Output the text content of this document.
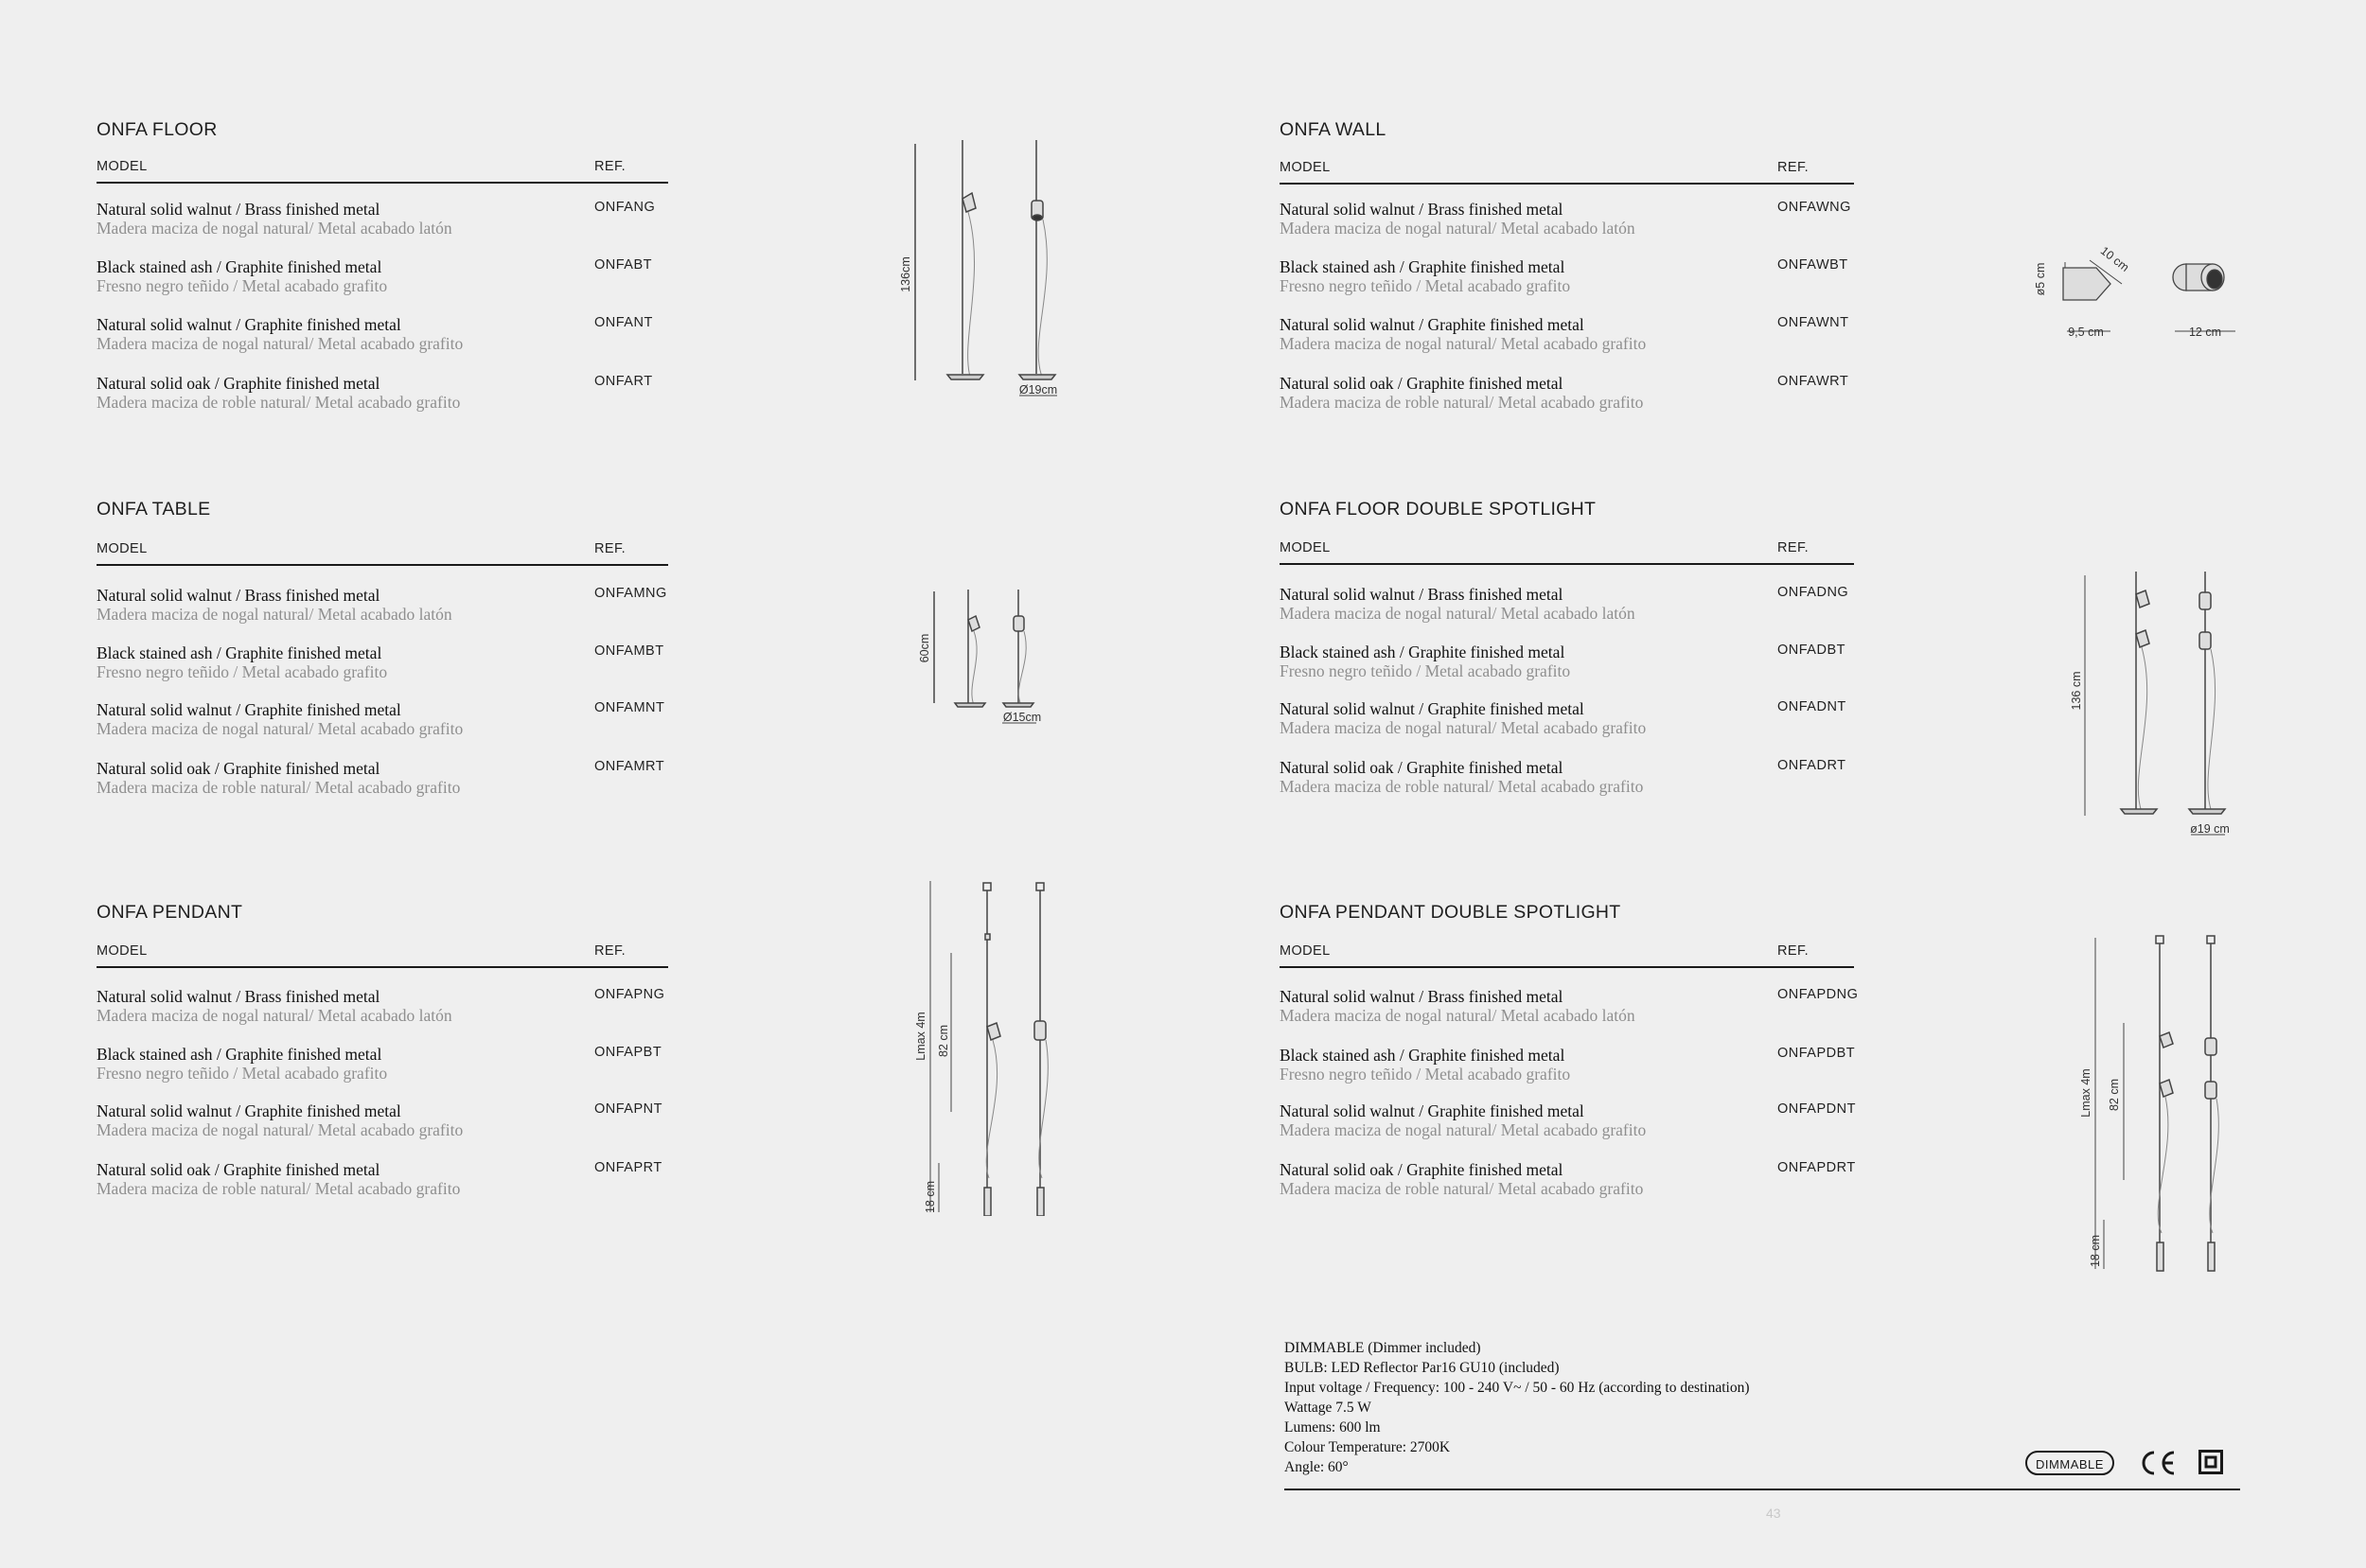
ONFA FLOOR
MODEL	REF.
Natural solid walnut / Brass finished metal
Madera maciza de nogal natural/ Metal acabado latón
ONFANG
Black stained ash / Graphite finished metal
Fresno negro teñido / Metal acabado grafito
ONFABT
Natural solid walnut / Graphite finished metal
Madera maciza de nogal natural/ Metal acabado grafito
ONFANT
Natural solid oak / Graphite finished metal
Madera maciza de roble natural/ Metal acabado grafito
ONFART
ONFA TABLE
MODEL	REF.
Natural solid walnut / Brass finished metal
Madera maciza de nogal natural/ Metal acabado latón
ONFAMNG
Black stained ash / Graphite finished metal
Fresno negro teñido / Metal acabado grafito
ONFAMBT
Natural solid walnut / Graphite finished metal
Madera maciza de nogal natural/ Metal acabado grafito
ONFAMNT
Natural solid oak / Graphite finished metal
Madera maciza de roble natural/ Metal acabado grafito
ONFAMRT
ONFA PENDANT
MODEL	REF.
Natural solid walnut / Brass finished metal
Madera maciza de nogal natural/ Metal acabado latón
ONFAPNG
Black stained ash / Graphite finished metal
Fresno negro teñido / Metal acabado grafito
ONFAPBT
Natural solid walnut / Graphite finished metal
Madera maciza de nogal natural/ Metal acabado grafito
ONFAPNT
Natural solid oak / Graphite finished metal
Madera maciza de roble natural/ Metal acabado grafito
ONFAPRT
ONFA WALL
MODEL	REF.
Natural solid walnut / Brass finished metal
Madera maciza de nogal natural/ Metal acabado latón
ONFAWNG
Black stained ash / Graphite finished metal
Fresno negro teñido / Metal acabado grafito
ONFAWBT
Natural solid walnut / Graphite finished metal
Madera maciza de nogal natural/ Metal acabado grafito
ONFAWNT
Natural solid oak / Graphite finished metal
Madera maciza de roble natural/ Metal acabado grafito
ONFAWRT
ONFA FLOOR DOUBLE SPOTLIGHT
MODEL	REF.
Natural solid walnut / Brass finished metal
Madera maciza de nogal natural/ Metal acabado latón
ONFADNG
Black stained ash / Graphite finished metal
Fresno negro teñido / Metal acabado grafito
ONFADBT
Natural solid walnut / Graphite finished metal
Madera maciza de nogal natural/ Metal acabado grafito
ONFADNT
Natural solid oak / Graphite finished metal
Madera maciza de roble natural/ Metal acabado grafito
ONFADRT
ONFA PENDANT DOUBLE SPOTLIGHT
MODEL	REF.
Natural solid walnut / Brass finished metal
Madera maciza de nogal natural/ Metal acabado latón
ONFAPDNG
Black stained ash / Graphite finished metal
Fresno negro teñido / Metal acabado grafito
ONFAPDBT
Natural solid walnut / Graphite finished metal
Madera maciza de nogal natural/ Metal acabado grafito
ONFAPDNT
Natural solid oak / Graphite finished metal
Madera maciza de roble natural/ Metal acabado grafito
ONFAPDRT
136cm
Ø19cm
60cm
Ø15cm
Lmax 4m 82 cm
18 cm
ø5 cm
10 cm
9,5 cm	12 cm
136 cm
ø19 cm
Lmax 4m 82 cm
18 cm
DIMMABLE (Dimmer included)
BULB: LED Reflector Par16 GU10 (included)
Input voltage / Frequency: 100 - 240 V~ / 50 - 60 Hz (according to destination)
Wattage 7.5 W
Lumens: 600 lm
Colour Temperature: 2700K
Angle: 60°	DIMMABLE
43
